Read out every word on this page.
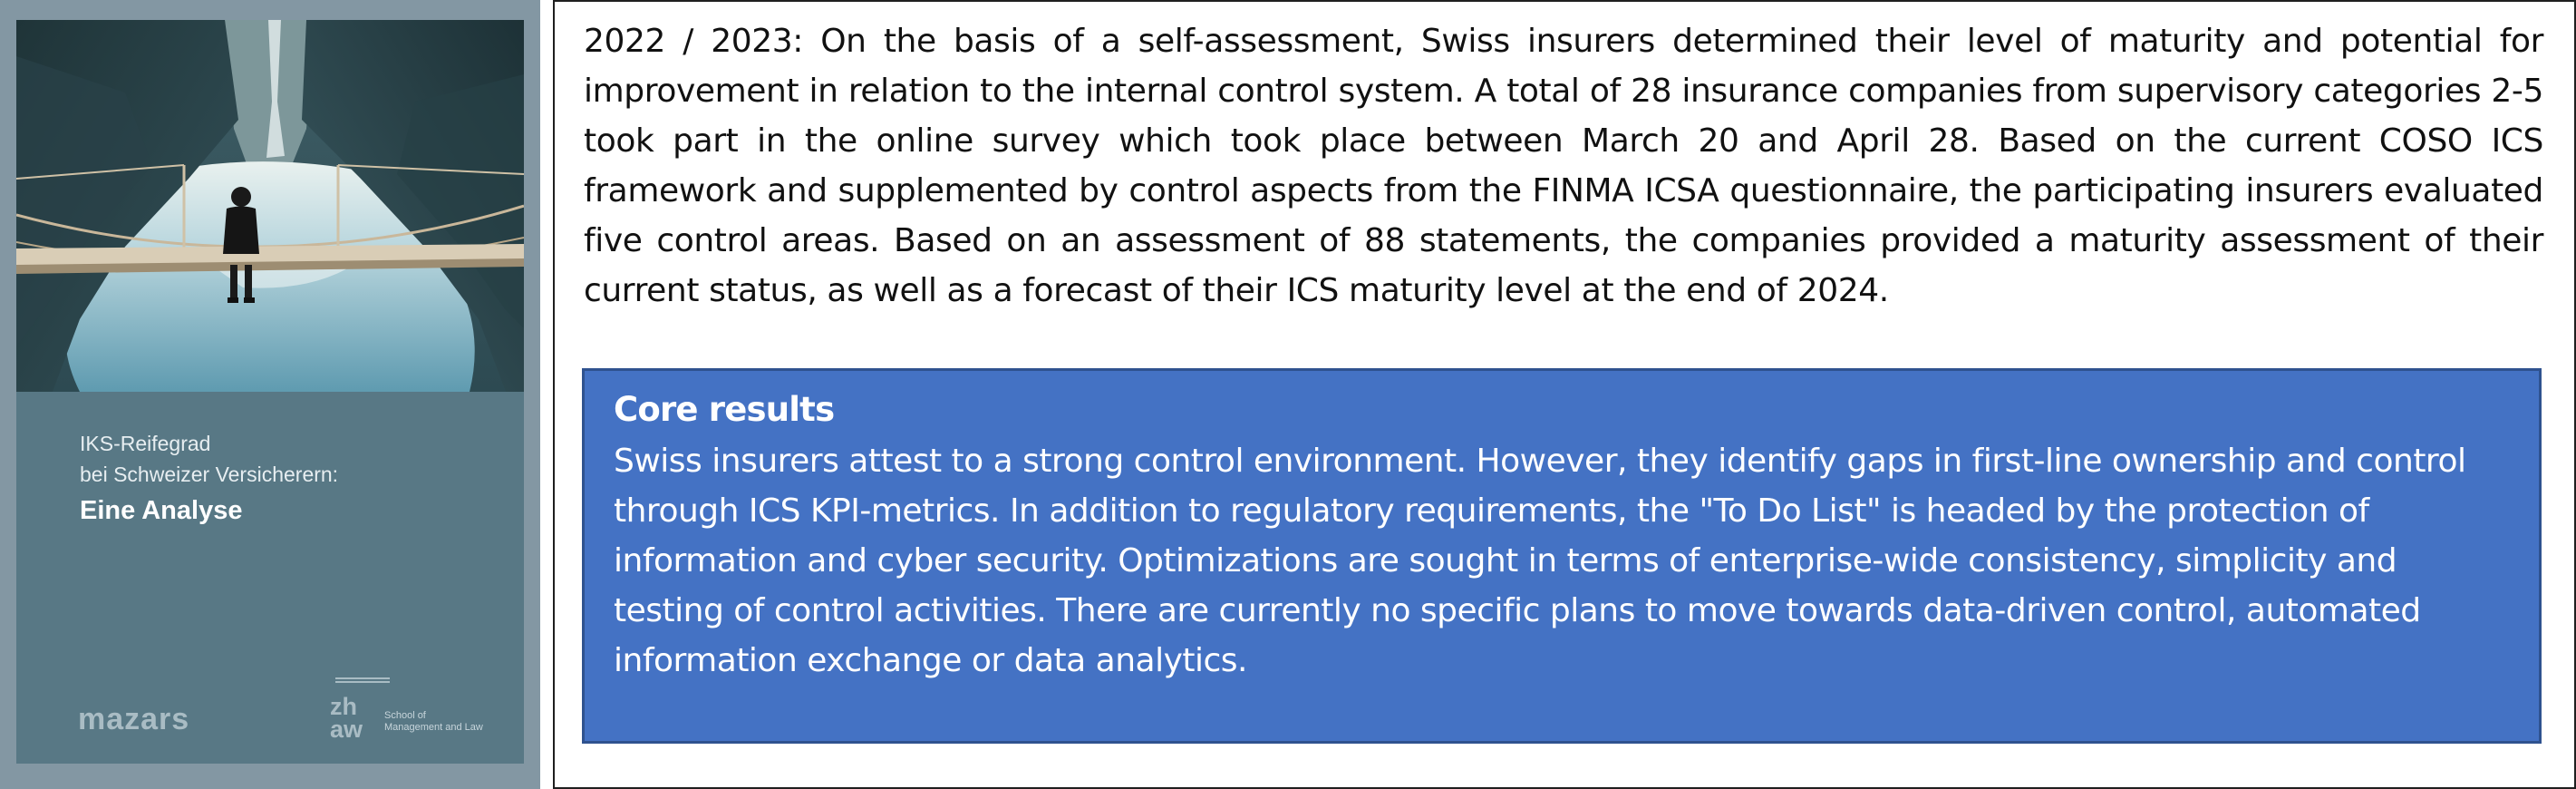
IKS-Reifegrad
bei Schweizer Versicherern:
Eine Analyse
mazars	zh
aw School of
Management and Law

2022 / 2023: On the basis of a self-assessment, Swiss insurers determined their level of maturity and potential for improvement in relation to the internal control system. A total of 28 insurance companies from supervisory categories 2-5 took part in the online survey which took place between March 20 and April 28. Based on the current COSO ICS framework and supplemented by control aspects from the FINMA ICSA questionnaire, the participating insurers evaluated five control areas. Based on an assessment of 88 statements, the companies provided a maturity assessment of their current status, as well as a forecast of their ICS maturity level at the end of 2024.

Core results

Swiss insurers attest to a strong control environment. However, they identify gaps in first-line ownership and control through ICS KPI-metrics. In addition to regulatory requirements, the "To Do List" is headed by the protection of information and cyber security. Optimizations are sought in terms of enterprise-wide consistency, simplicity and testing of control activities. There are currently no specific plans to move towards data-driven control, automated information exchange or data analytics.
